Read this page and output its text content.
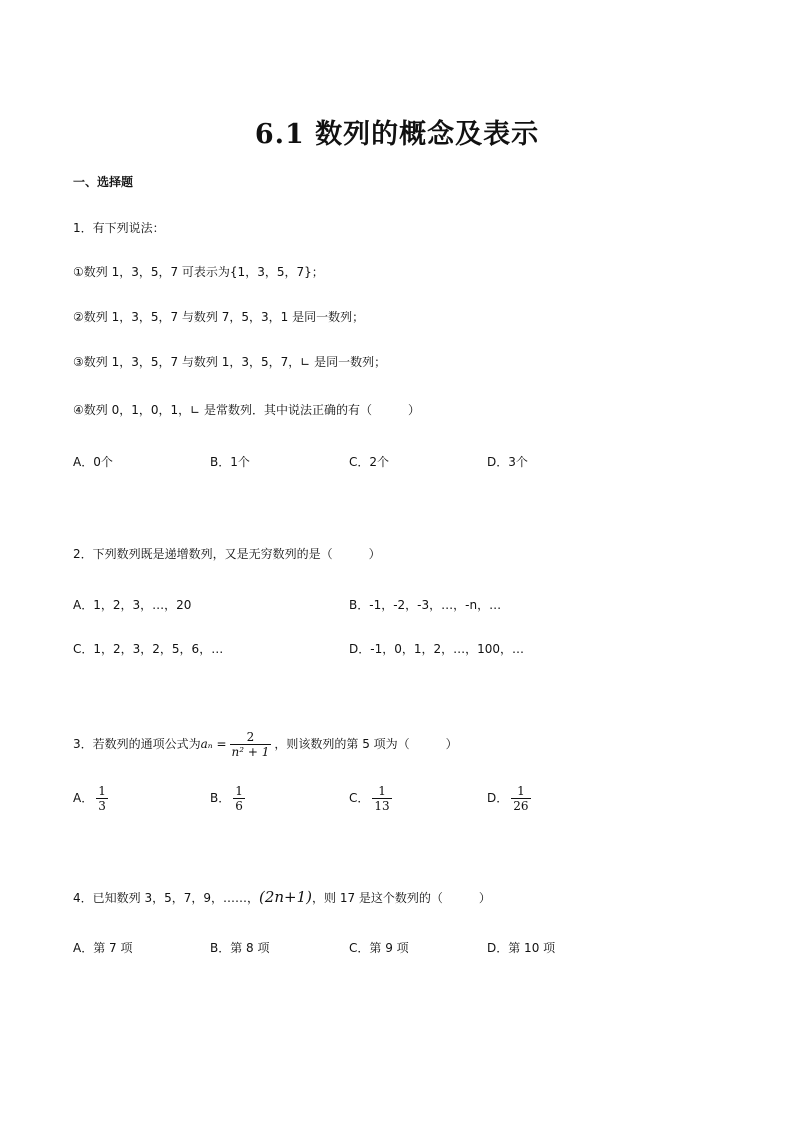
6.1 数列的概念及表示
一、选择题
1．有下列说法：
①数列 1，3，5，7 可表示为{1，3，5，7}；
②数列 1，3，5，7 与数列 7，5，3，1 是同一数列；
③数列 1，3，5，7 与数列 1，3，5，7，∟ 是同一数列；
④数列 0，1，0，1，∟ 是常数列．其中说法正确的有（　　　）
A．0个	B．1个	C．2个	D．3个
2．下列数列既是递增数列，又是无穷数列的是（　　　）
A．1，2，3，…，20	B．-1，-2，-3，…，-n，…
C．1，2，3，2，5，6，…	D．-1，0，1，2，…，100，…
3．若数列的通项公式为$a_n = \frac{2}{\text{n² + 1}}$ ，则该数列的第 5 项为（　　　）
A． $\frac{1}{3}$	B． $\frac{1}{6}$	C． $\frac{1}{13}$	D． $\frac{1}{26}$
4．已知数列 3，5，7，9，……，(2n+1)，则 17 是这个数列的（　　　）
A．第 7 项	B．第 8 项	C．第 9 项	D．第 10 项
